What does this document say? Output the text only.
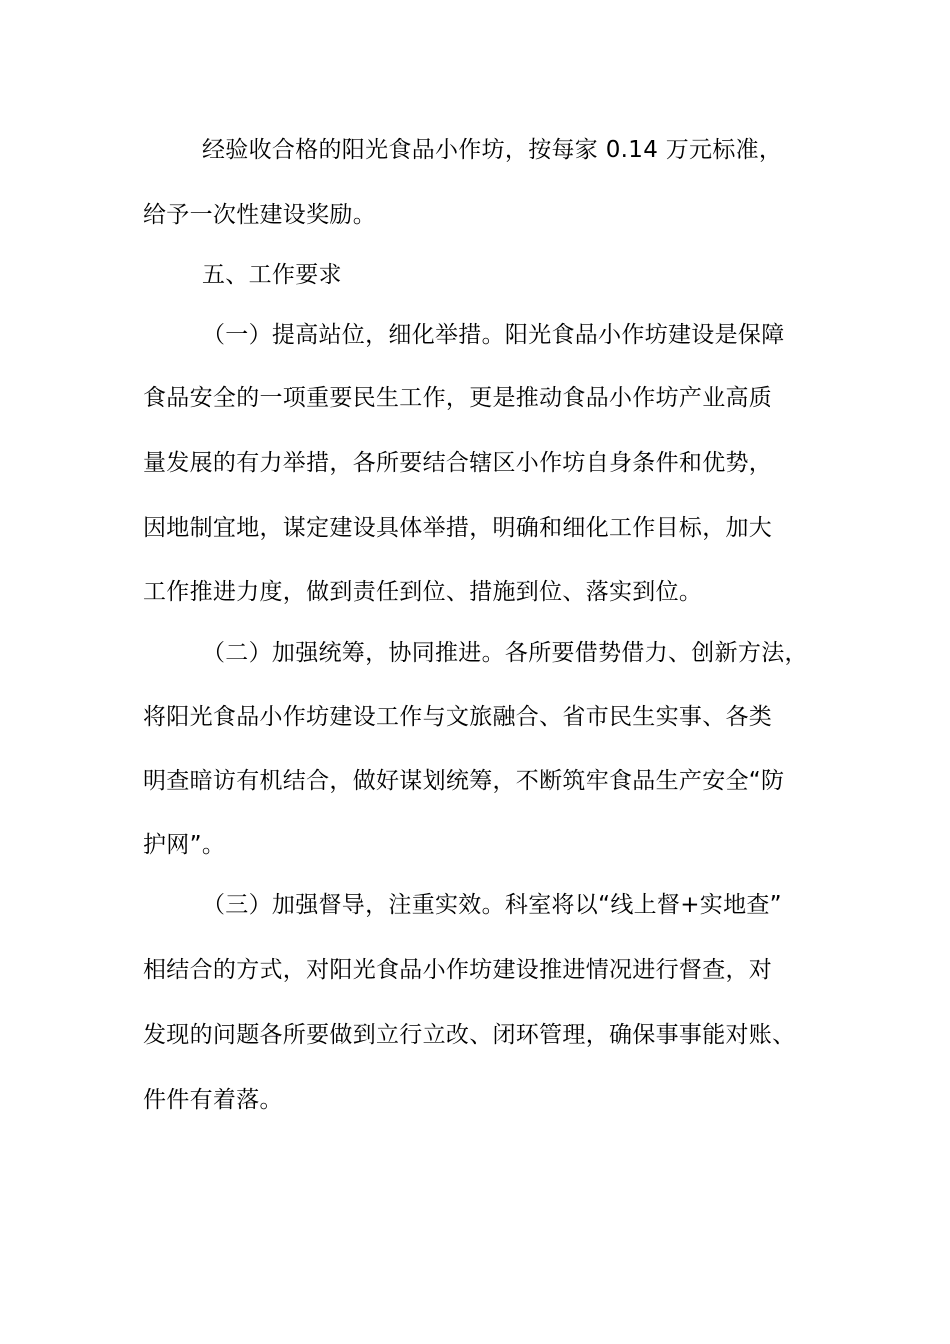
经验收合格的阳光食品小作坊，按每家 0.14 万元标准，
给予一次性建设奖励。
五、工作要求
（一）提高站位，细化举措。阳光食品小作坊建设是保障
食品安全的一项重要民生工作，更是推动食品小作坊产业高质
量发展的有力举措，各所要结合辖区小作坊自身条件和优势，
因地制宜地，谋定建设具体举措，明确和细化工作目标，加大
工作推进力度，做到责任到位、措施到位、落实到位。
（二）加强统筹，协同推进。各所要借势借力、创新方法，
将阳光食品小作坊建设工作与文旅融合、省市民生实事、各类
明查暗访有机结合，做好谋划统筹，不断筑牢食品生产安全“防
护网”。
（三）加强督导，注重实效。科室将以“线上督+实地查”
相结合的方式，对阳光食品小作坊建设推进情况进行督查，对
发现的问题各所要做到立行立改、闭环管理，确保事事能对账、
件件有着落。
